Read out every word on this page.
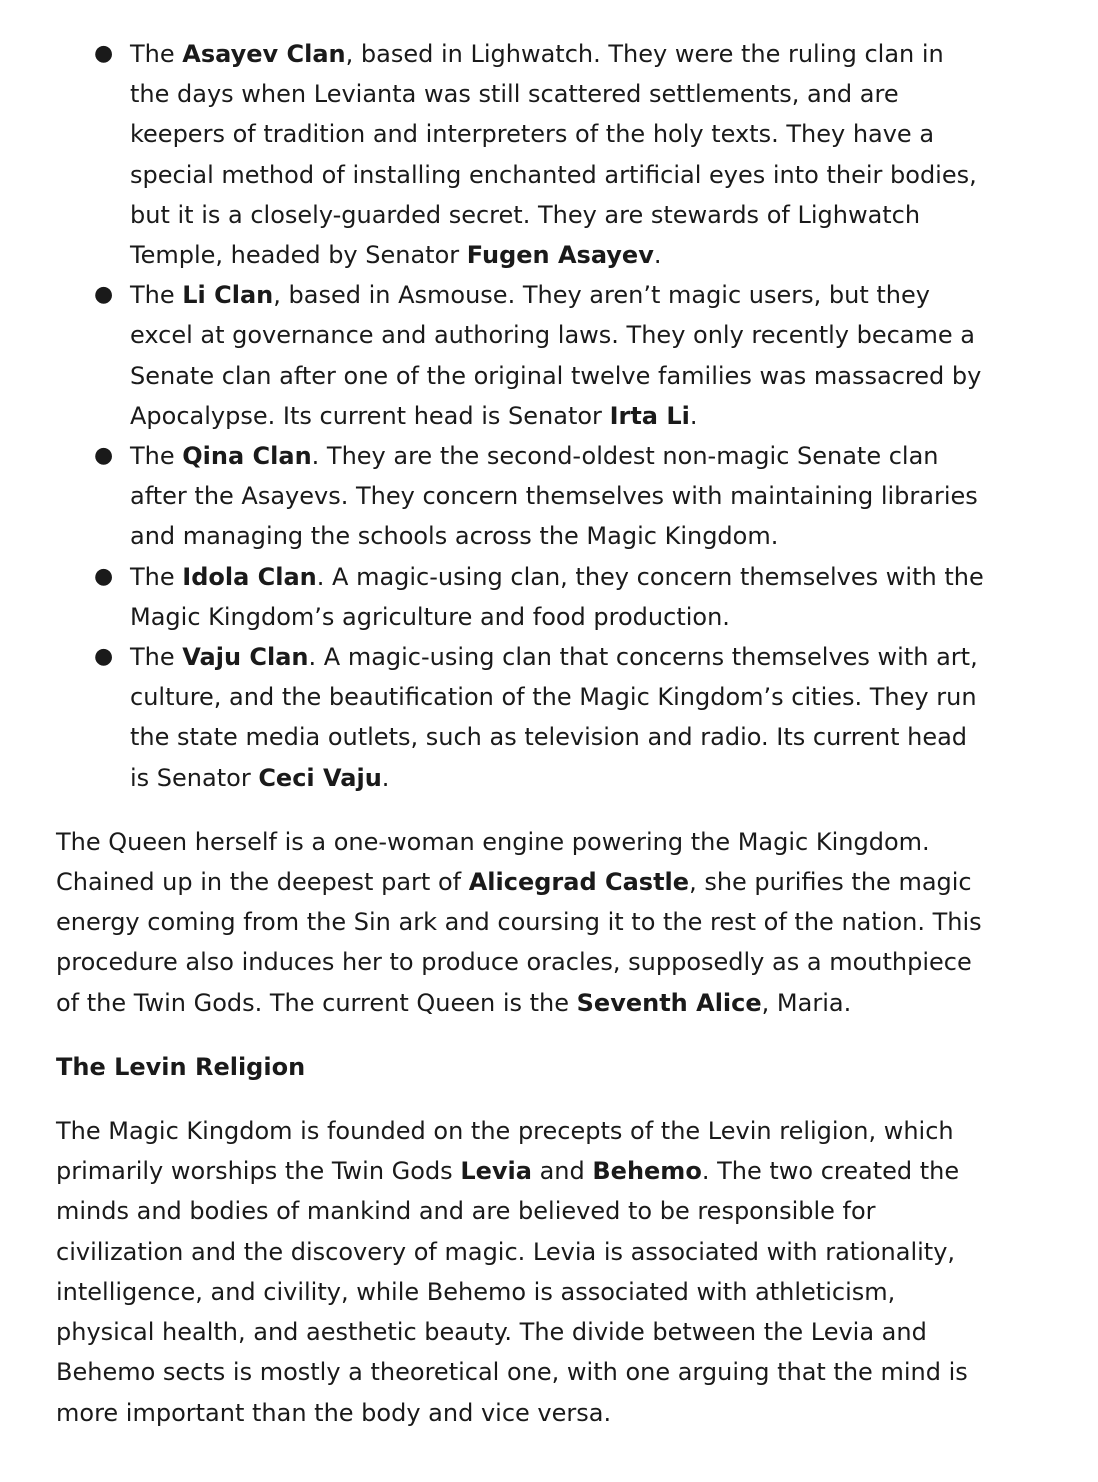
● The Asayev Clan, based in Lighwatch. They were the ruling clan in the days when Levianta was still scattered settlements, and are keepers of tradition and interpreters of the holy texts. They have a special method of installing enchanted artificial eyes into their bodies, but it is a closely-guarded secret. They are stewards of Lighwatch Temple, headed by Senator Fugen Asayev.
● The Li Clan, based in Asmouse. They aren’t magic users, but they excel at governance and authoring laws. They only recently became a Senate clan after one of the original twelve families was massacred by Apocalypse. Its current head is Senator Irta Li.
● The Qina Clan. They are the second-oldest non-magic Senate clan after the Asayevs. They concern themselves with maintaining libraries and managing the schools across the Magic Kingdom.
● The Idola Clan. A magic-using clan, they concern themselves with the Magic Kingdom’s agriculture and food production.
● The Vaju Clan. A magic-using clan that concerns themselves with art, culture, and the beautification of the Magic Kingdom’s cities. They run the state media outlets, such as television and radio. Its current head is Senator Ceci Vaju.

The Queen herself is a one-woman engine powering the Magic Kingdom. Chained up in the deepest part of Alicegrad Castle, she purifies the magic energy coming from the Sin ark and coursing it to the rest of the nation. This procedure also induces her to produce oracles, supposedly as a mouthpiece of the Twin Gods. The current Queen is the Seventh Alice, Maria.

The Levin Religion

The Magic Kingdom is founded on the precepts of the Levin religion, which primarily worships the Twin Gods Levia and Behemo. The two created the minds and bodies of mankind and are believed to be responsible for civilization and the discovery of magic. Levia is associated with rationality, intelligence, and civility, while Behemo is associated with athleticism, physical health, and aesthetic beauty. The divide between the Levia and Behemo sects is mostly a theoretical one, with one arguing that the mind is more important than the body and vice versa.
